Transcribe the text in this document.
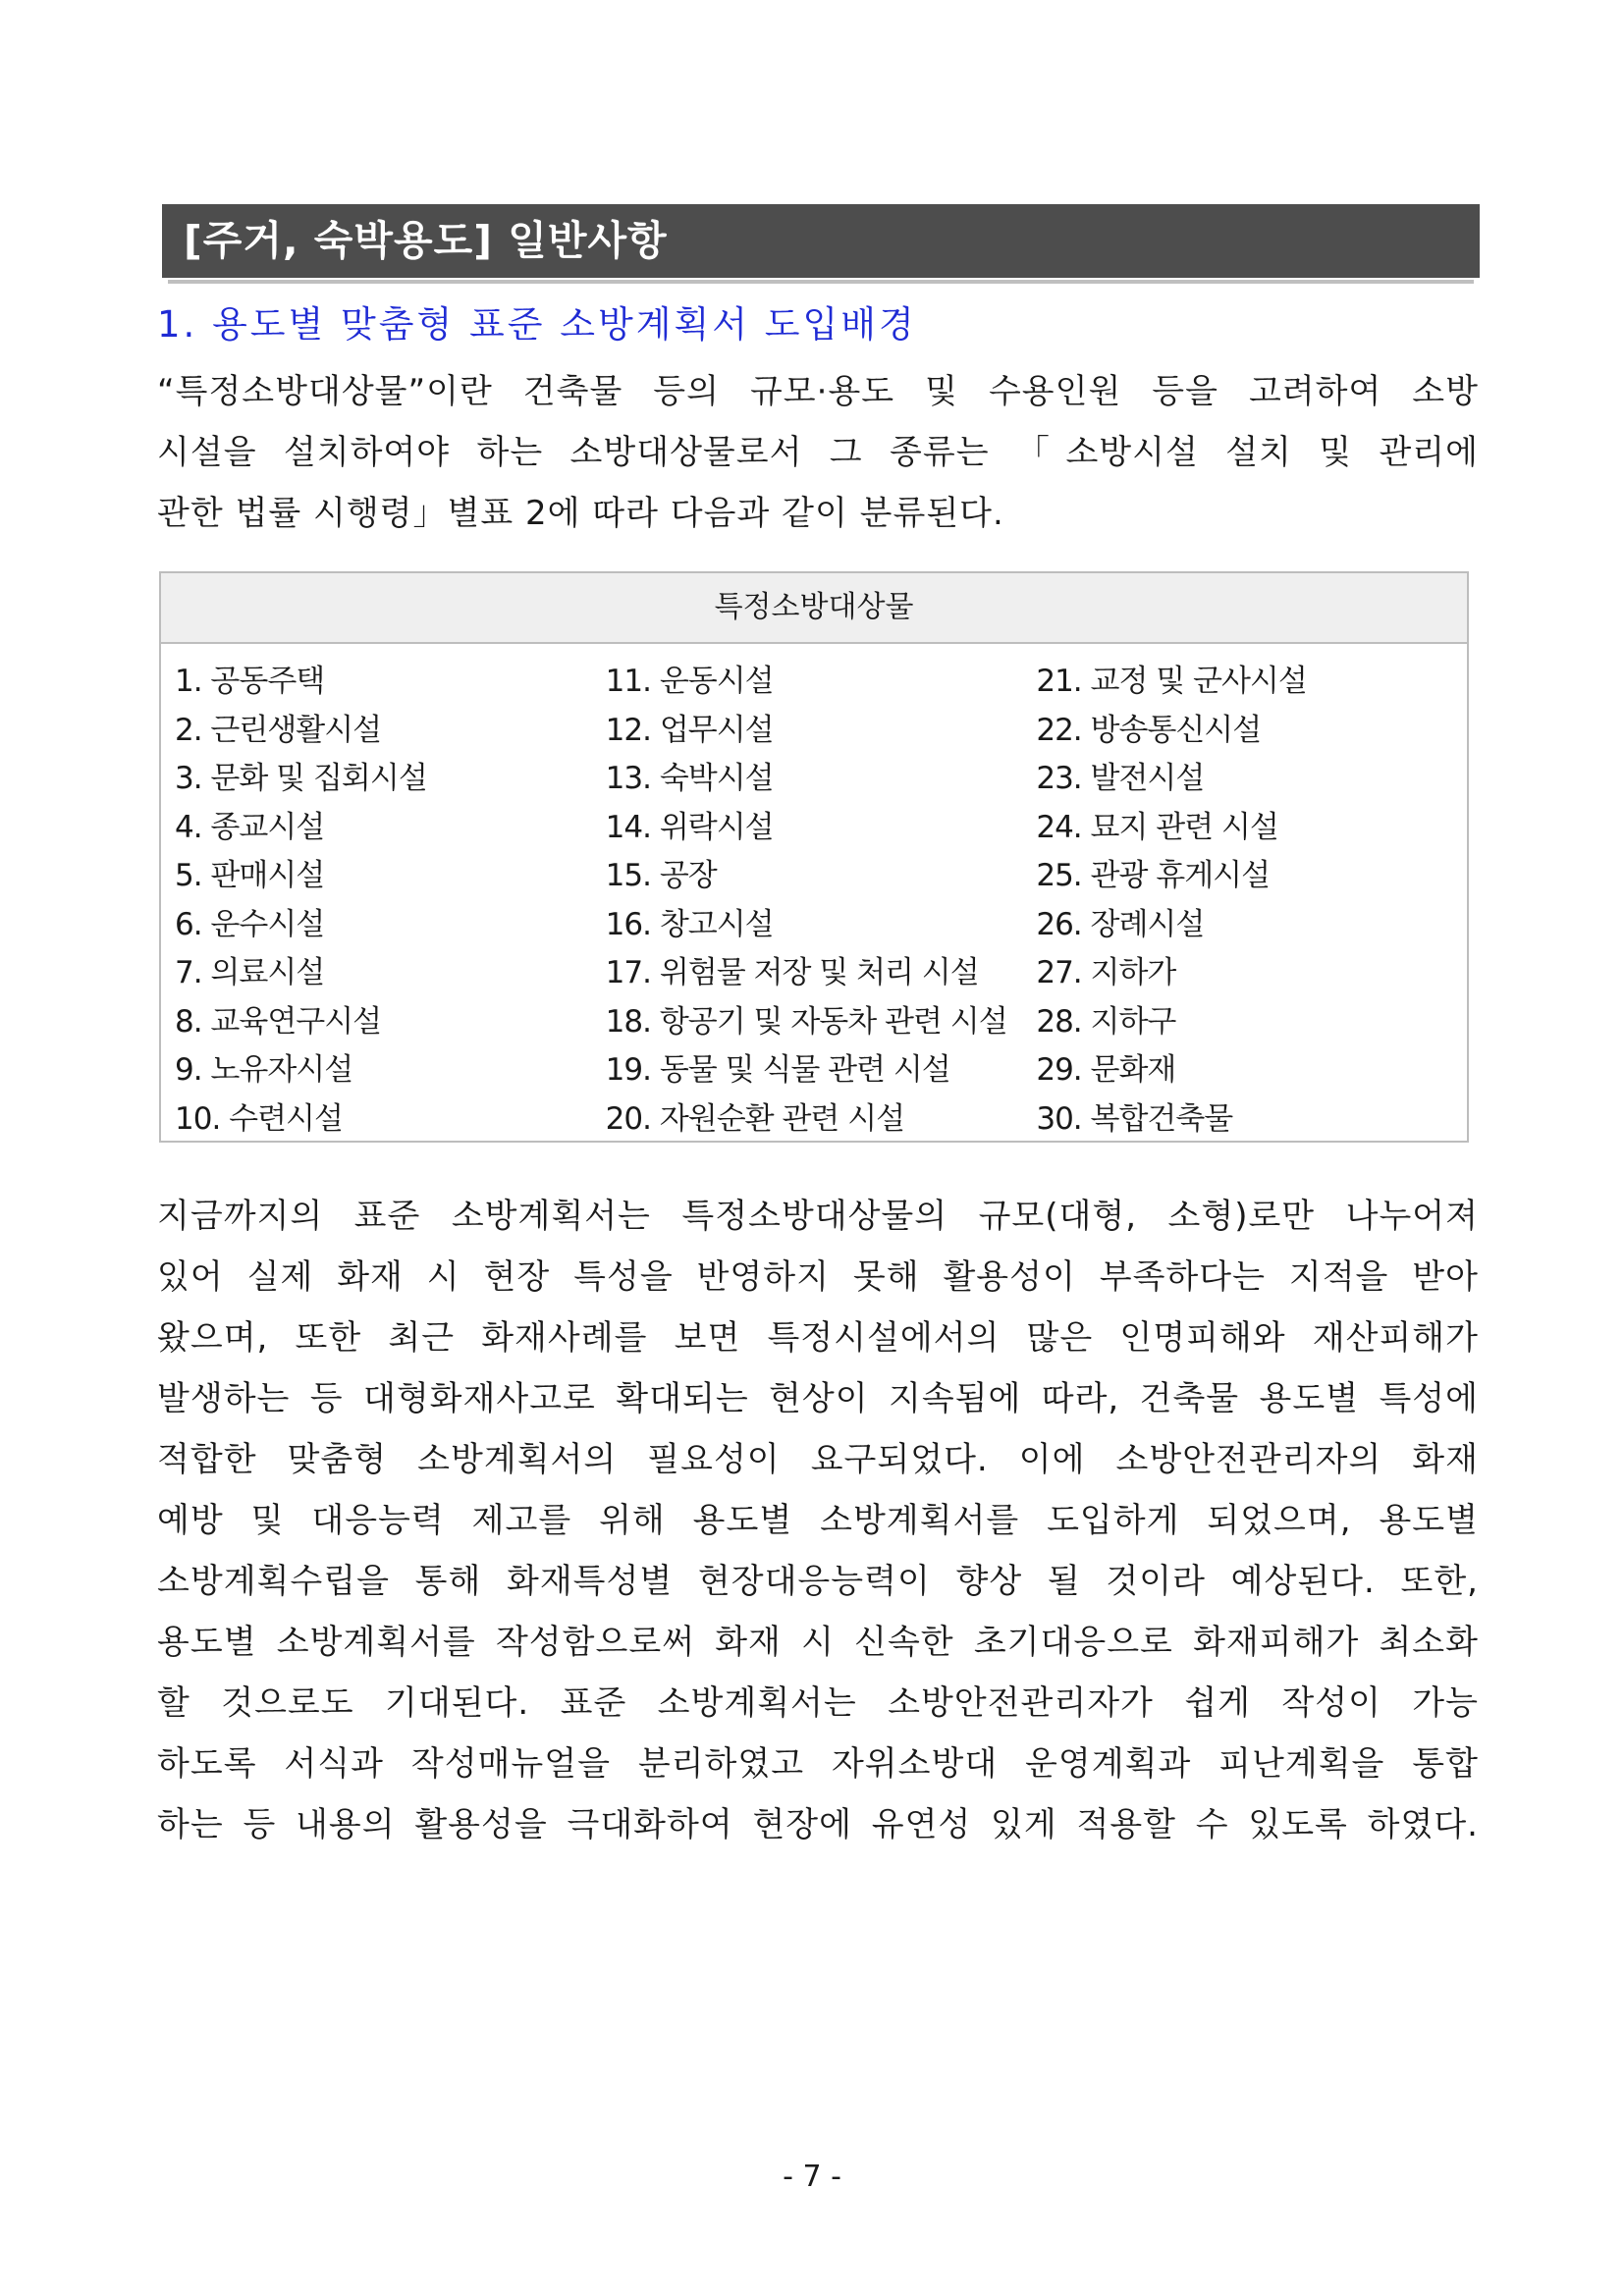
[주거, 숙박용도] 일반사항
1. 용도별 맞춤형 표준 소방계획서 도입배경
“특정소방대상물”이란 건축물 등의 규모·용도 및 수용인원 등을 고려하여 소방
시설을 설치하여야 하는 소방대상물로서 그 종류는 「소방시설 설치 및 관리에
관한 법률 시행령」별표 2에 따라 다음과 같이 분류된다.
특정소방대상물
1. 공동주택
2. 근린생활시설
3. 문화 및 집회시설
4. 종교시설
5. 판매시설
6. 운수시설
7. 의료시설
8. 교육연구시설
9. 노유자시설
10. 수련시설
11. 운동시설
12. 업무시설
13. 숙박시설
14. 위락시설
15. 공장
16. 창고시설
17. 위험물 저장 및 처리 시설
18. 항공기 및 자동차 관련 시설
19. 동물 및 식물 관련 시설
20. 자원순환 관련 시설
21. 교정 및 군사시설
22. 방송통신시설
23. 발전시설
24. 묘지 관련 시설
25. 관광 휴게시설
26. 장례시설
27. 지하가
28. 지하구
29. 문화재
30. 복합건축물
지금까지의 표준 소방계획서는 특정소방대상물의 규모(대형, 소형)로만 나누어져
있어 실제 화재 시 현장 특성을 반영하지 못해 활용성이 부족하다는 지적을 받아
왔으며, 또한 최근 화재사례를 보면 특정시설에서의 많은 인명피해와 재산피해가
발생하는 등 대형화재사고로 확대되는 현상이 지속됨에 따라, 건축물 용도별 특성에
적합한 맞춤형 소방계획서의 필요성이 요구되었다. 이에 소방안전관리자의 화재
예방 및 대응능력 제고를 위해 용도별 소방계획서를 도입하게 되었으며, 용도별
소방계획수립을 통해 화재특성별 현장대응능력이 향상 될 것이라 예상된다. 또한,
용도별 소방계획서를 작성함으로써 화재 시 신속한 초기대응으로 화재피해가 최소화
할 것으로도 기대된다. 표준 소방계획서는 소방안전관리자가 쉽게 작성이 가능
하도록 서식과 작성매뉴얼을 분리하였고 자위소방대 운영계획과 피난계획을 통합
하는 등 내용의 활용성을 극대화하여 현장에 유연성 있게 적용할 수 있도록 하였다.
- 7 -
